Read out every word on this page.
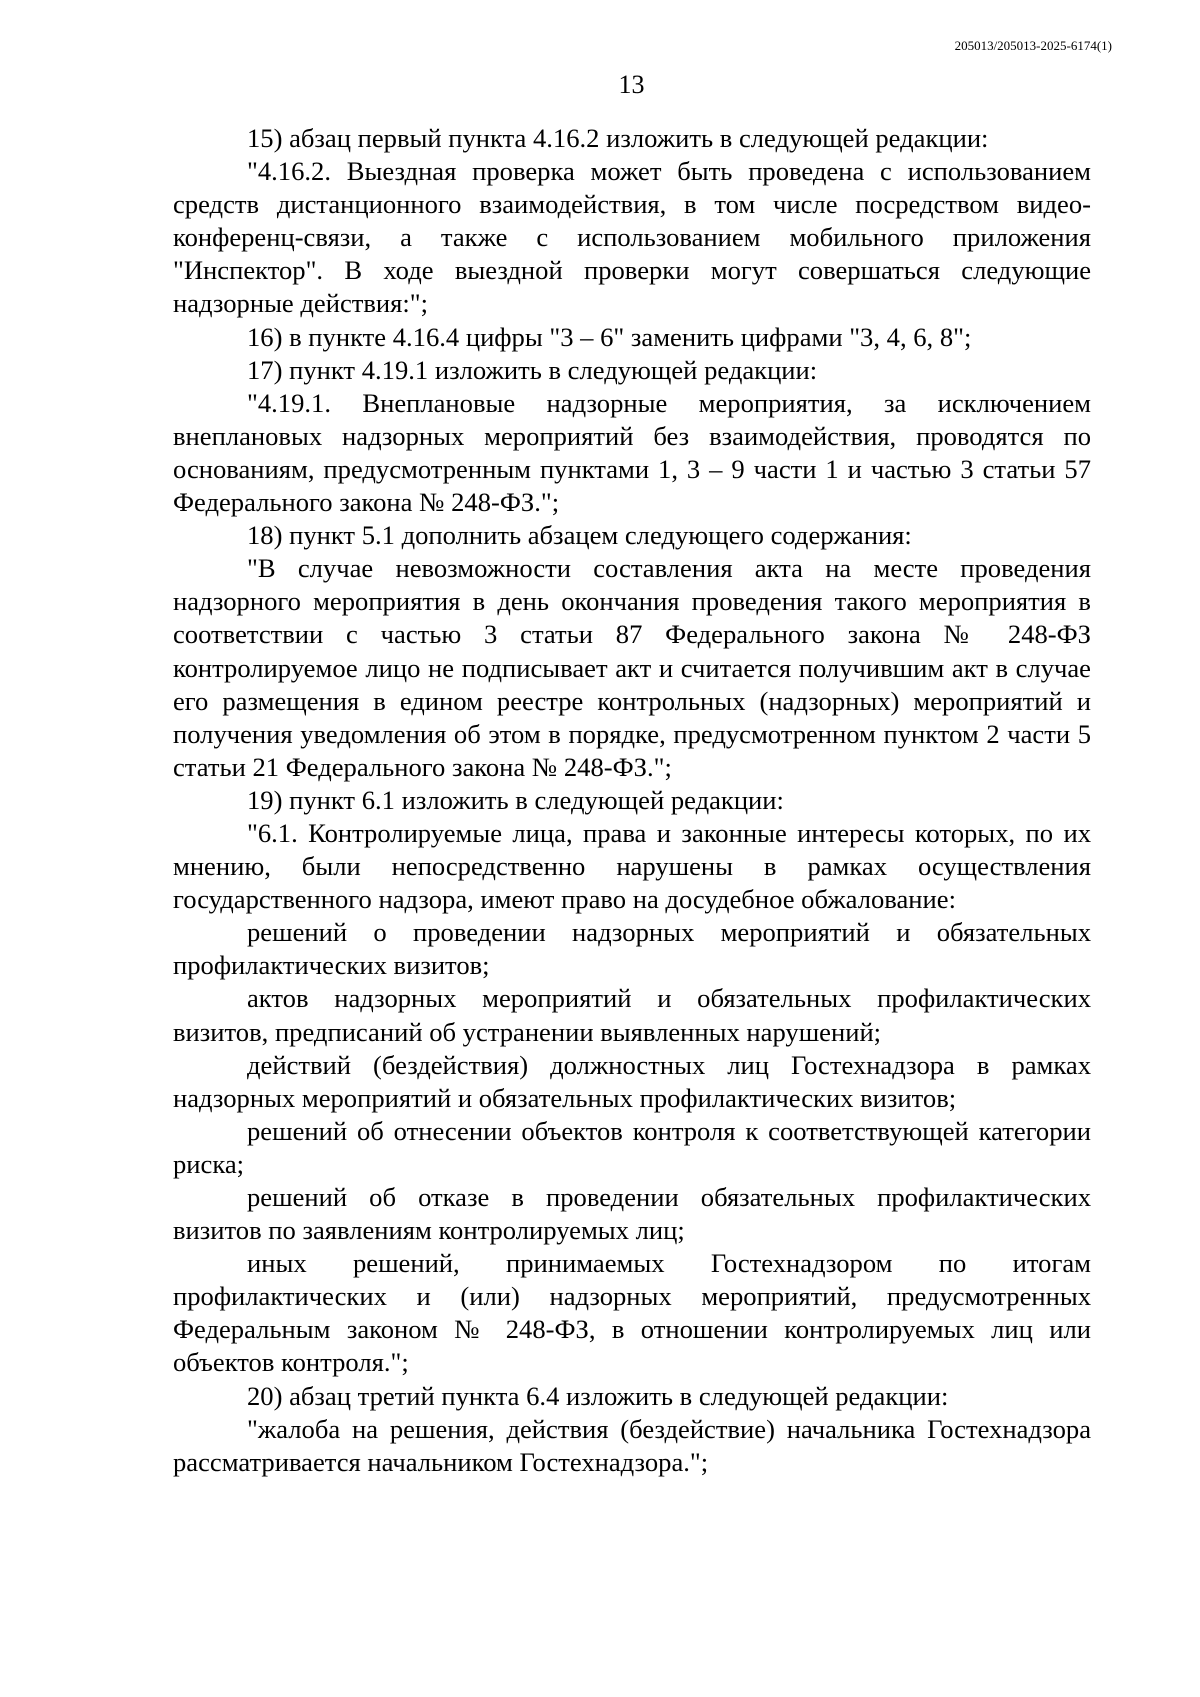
205013/205013-2025-6174(1)
13

15) абзац первый пункта 4.16.2 изложить в следующей редакции:

"4.16.2. Выездная проверка может быть проведена с использованием средств дистанционного взаимодействия, в том числе посредством видео-конференц-связи, а также с использованием мобильного приложения "Инспектор". В ходе выездной проверки могут совершаться следующие надзорные действия:";

16) в пункте 4.16.4 цифры "3 – 6" заменить цифрами "3, 4, 6, 8";

17) пункт 4.19.1 изложить в следующей редакции:

"4.19.1. Внеплановые надзорные мероприятия, за исключением внеплановых надзорных мероприятий без взаимодействия, проводятся по основаниям, предусмотренным пунктами 1, 3 – 9 части 1 и частью 3 статьи 57 Федерального закона № 248-ФЗ.";

18) пункт 5.1 дополнить абзацем следующего содержания:

"В случае невозможности составления акта на месте проведения надзорного мероприятия в день окончания проведения такого мероприятия в соответствии с частью 3 статьи 87 Федерального закона № 248-ФЗ контролируемое лицо не подписывает акт и считается получившим акт в случае его размещения в едином реестре контрольных (надзорных) мероприятий и получения уведомления об этом в порядке, предусмотренном пунктом 2 части 5 статьи 21 Федерального закона № 248-ФЗ.";

19) пункт 6.1 изложить в следующей редакции:

"6.1. Контролируемые лица, права и законные интересы которых, по их мнению, были непосредственно нарушены в рамках осуществления государственного надзора, имеют право на досудебное обжалование:

решений о проведении надзорных мероприятий и обязательных профилактических визитов;

актов надзорных мероприятий и обязательных профилактических визитов, предписаний об устранении выявленных нарушений;

действий (бездействия) должностных лиц Гостехнадзора в рамках надзорных мероприятий и обязательных профилактических визитов;

решений об отнесении объектов контроля к соответствующей категории риска;

решений об отказе в проведении обязательных профилактических визитов по заявлениям контролируемых лиц;

иных решений, принимаемых Гостехнадзором по итогам профилактических и (или) надзорных мероприятий, предусмотренных Федеральным законом № 248-ФЗ, в отношении контролируемых лиц или объектов контроля.";

20) абзац третий пункта 6.4 изложить в следующей редакции:

"жалоба на решения, действия (бездействие) начальника Гостехнадзора рассматривается начальником Гостехнадзора.";
